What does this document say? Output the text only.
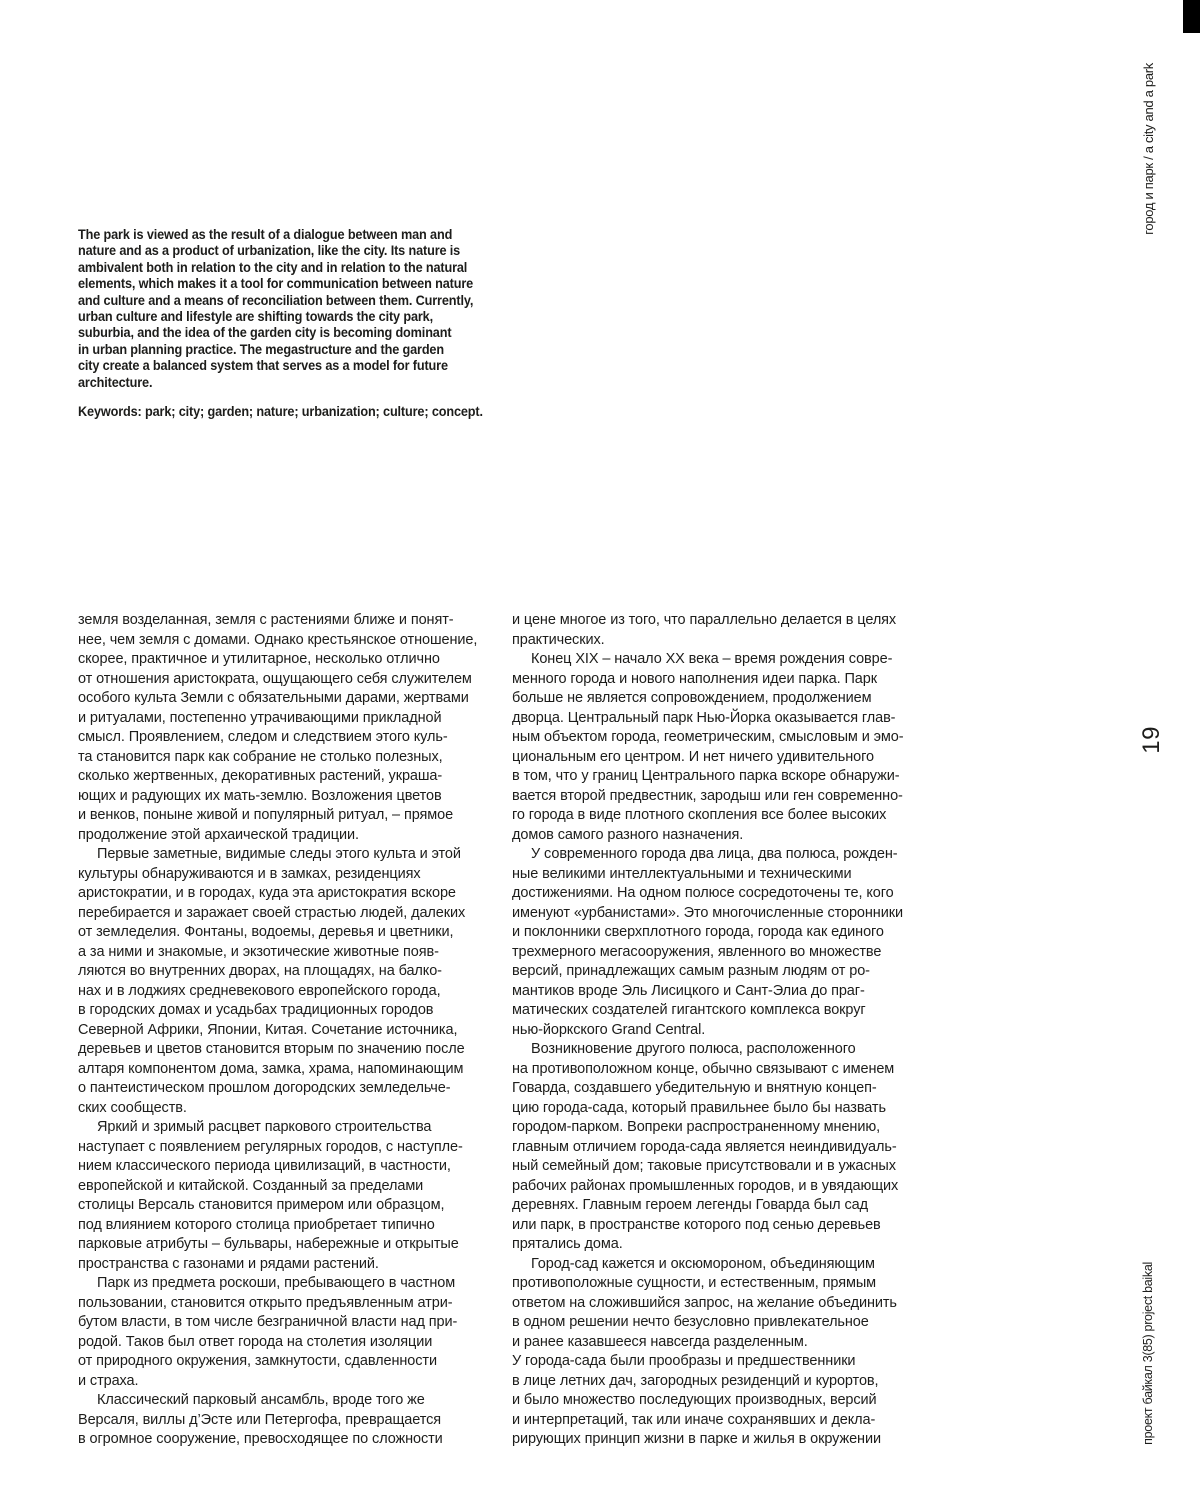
The park is viewed as the result of a dialogue between man and
nature and as a product of urbanization, like the city. Its nature is
ambivalent both in relation to the city and in relation to the natural
elements, which makes it a tool for communication between nature
and culture and a means of reconciliation between them. Currently,
urban culture and lifestyle are shifting towards the city park,
suburbia, and the idea of the garden city is becoming dominant
in urban planning practice. The megastructure and the garden
city create a balanced system that serves as a model for future
architecture.
Keywords: park; city; garden; nature; urbanization; culture; concept.
земля возделанная, земля с растениями ближе и понят-
нее, чем земля с домами. Однако крестьянское отношение,
скорее, практичное и утилитарное, несколько отлично
от отношения аристократа, ощущающего себя служителем
особого культа Земли с обязательными дарами, жертвами
и ритуалами, постепенно утрачивающими прикладной
смысл. Проявлением, следом и следствием этого куль-
та становится парк как собрание не столько полезных,
сколько жертвенных, декоративных растений, украша-
ющих и радующих их мать-землю. Возложения цветов
и венков, поныне живой и популярный ритуал, – прямое
продолжение этой архаической традиции.
Первые заметные, видимые следы этого культа и этой
культуры обнаруживаются и в замках, резиденциях
аристократии, и в городах, куда эта аристократия вскоре
перебирается и заражает своей страстью людей, далеких
от земледелия. Фонтаны, водоемы, деревья и цветники,
а за ними и знакомые, и экзотические животные появ-
ляются во внутренних дворах, на площадях, на балко-
нах и в лоджиях средневекового европейского города,
в городских домах и усадьбах традиционных городов
Северной Африки, Японии, Китая. Сочетание источника,
деревьев и цветов становится вторым по значению после
алтаря компонентом дома, замка, храма, напоминающим
о пантеистическом прошлом догородских земледельче-
ских сообществ.
Яркий и зримый расцвет паркового строительства
наступает с появлением регулярных городов, с наступле-
нием классического периода цивилизаций, в частности,
европейской и китайской. Созданный за пределами
столицы Версаль становится примером или образцом,
под влиянием которого столица приобретает типично
парковые атрибуты – бульвары, набережные и открытые
пространства с газонами и рядами растений.
Парк из предмета роскоши, пребывающего в частном
пользовании, становится открыто предъявленным атри-
бутом власти, в том числе безграничной власти над при-
родой. Таков был ответ города на столетия изоляции
от природного окружения, замкнутости, сдавленности
и страха.
Классический парковый ансамбль, вроде того же
Версаля, виллы д’Эсте или Петергофа, превращается
в огромное сооружение, превосходящее по сложности
и цене многое из того, что параллельно делается в целях
практических.
Конец XIX – начало XX века – время рождения совре-
менного города и нового наполнения идеи парка. Парк
больше не является сопровождением, продолжением
дворца. Центральный парк Нью-Йорка оказывается глав-
ным объектом города, геометрическим, смысловым и эмо-
циональным его центром. И нет ничего удивительного
в том, что у границ Центрального парка вскоре обнаружи-
вается второй предвестник, зародыш или ген современно-
го города в виде плотного скопления все более высоких
домов самого разного назначения.
У современного города два лица, два полюса, рожден-
ные великими интеллектуальными и техническими
достижениями. На одном полюсе сосредоточены те, кого
именуют «урбанистами». Это многочисленные сторонники
и поклонники сверхплотного города, города как единого
трехмерного мегасооружения, явленного во множестве
версий, принадлежащих самым разным людям от ро-
мантиков вроде Эль Лисицкого и Сант-Элиа до праг-
матических создателей гигантского комплекса вокруг
нью-йоркского Grand Central.
Возникновение другого полюса, расположенного
на противоположном конце, обычно связывают с именем
Говарда, создавшего убедительную и внятную концеп-
цию города-сада, который правильнее было бы назвать
городом-парком. Вопреки распространенному мнению,
главным отличием города-сада является неиндивидуаль-
ный семейный дом; таковые присутствовали и в ужасных
рабочих районах промышленных городов, и в увядающих
деревнях. Главным героем легенды Говарда был сад
или парк, в пространстве которого под сенью деревьев
прятались дома.
Город-сад кажется и оксюмороном, объединяющим
противоположные сущности, и естественным, прямым
ответом на сложившийся запрос, на желание объединить
в одном решении нечто безусловно привлекательное
и ранее казавшееся навсегда разделенным.
У города-сада были прообразы и предшественники
в лице летних дач, загородных резиденций и курортов,
и было множество последующих производных, версий
и интерпретаций, так или иначе сохранявших и декла-
рирующих принцип жизни в парке и жилья в окружении
город и парк / a city and a park
19
проект байкал 3(85) project baikal
